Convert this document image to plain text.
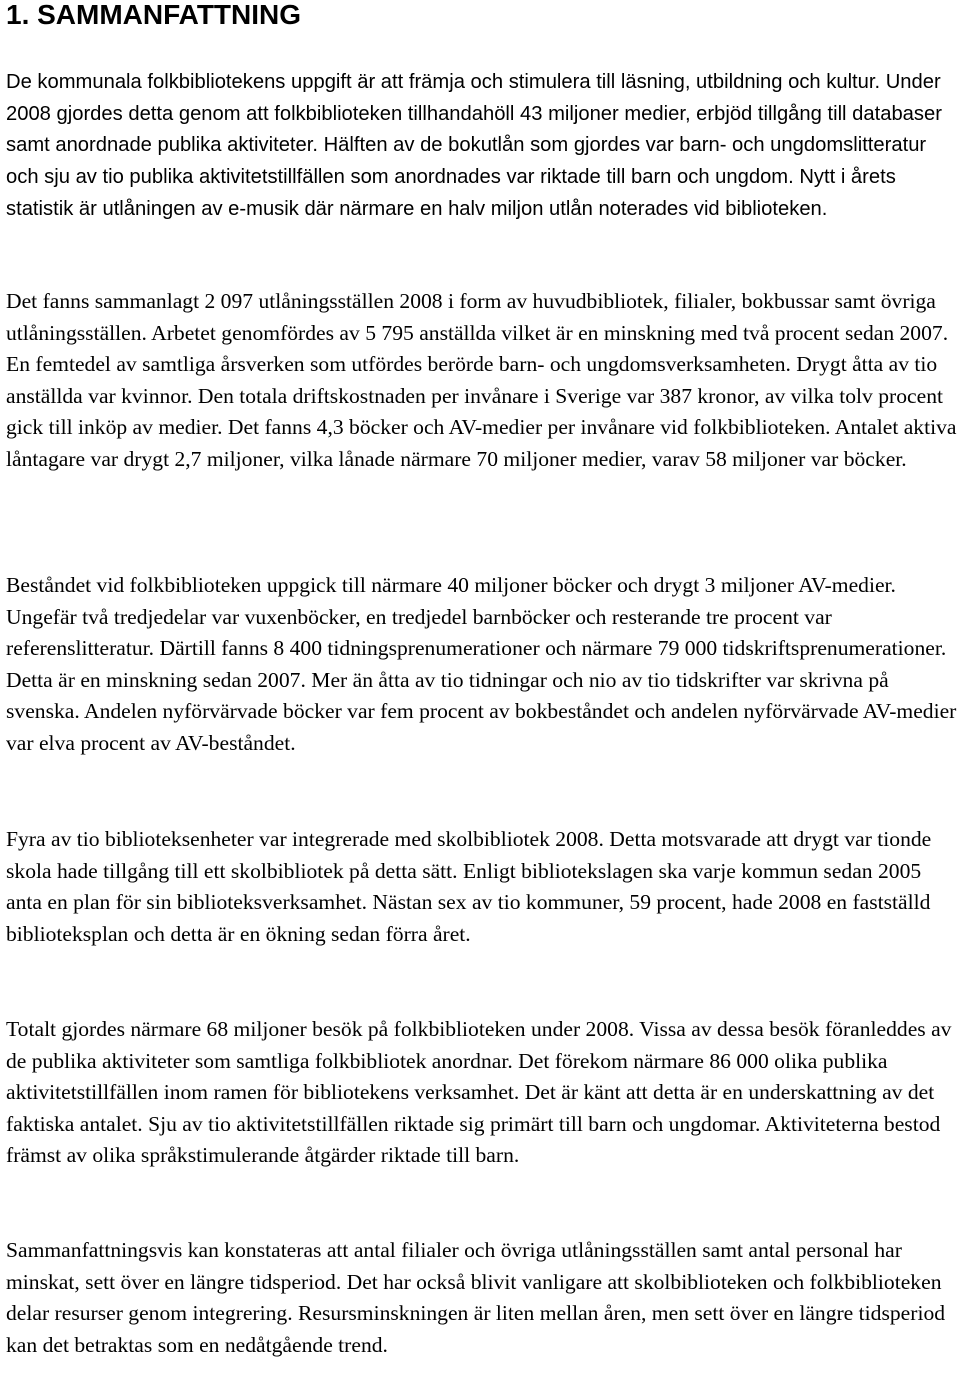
1. SAMMANFATTNING

De kommunala folkbibliotekens uppgift är att främja och stimulera till läsning, utbildning och kultur. Under 2008 gjordes detta genom att folkbiblioteken tillhandahöll 43 miljoner medier, erbjöd tillgång till databaser samt anordnade publika aktiviteter. Hälften av de bokutlån som gjordes var barn- och ungdomslitteratur och sju av tio publika aktivitetstillfällen som anordnades var riktade till barn och ungdom. Nytt i årets statistik är utlåningen av e-musik där närmare en halv miljon utlån noterades vid biblioteken.

Det fanns sammanlagt 2 097 utlåningsställen 2008 i form av huvudbibliotek, filialer, bokbussar samt övriga utlåningsställen. Arbetet genomfördes av 5 795 anställda vilket är en minskning med två procent sedan 2007. En femtedel av samtliga årsverken som utfördes berörde barn- och ungdomsverksamheten. Drygt åtta av tio anställda var kvinnor. Den totala driftskostnaden per invånare i Sverige var 387 kronor, av vilka tolv procent gick till inköp av medier. Det fanns 4,3 böcker och AV-medier per invånare vid folkbiblioteken. Antalet aktiva låntagare var drygt 2,7 miljoner, vilka lånade närmare 70 miljoner medier, varav 58 miljoner var böcker.

Beståndet vid folkbiblioteken uppgick till närmare 40 miljoner böcker och drygt 3 miljoner AV-medier. Ungefär två tredjedelar var vuxenböcker, en tredjedel barnböcker och resterande tre procent var referenslitteratur. Därtill fanns 8 400 tidningsprenumerationer och närmare 79 000 tidskriftsprenumerationer. Detta är en minskning sedan 2007. Mer än åtta av tio tidningar och nio av tio tidskrifter var skrivna på svenska. Andelen nyförvärvade böcker var fem procent av bokbeståndet och andelen nyförvärvade AV-medier var elva procent av AV-beståndet.

Fyra av tio biblioteksenheter var integrerade med skolbibliotek 2008. Detta motsvarade att drygt var tionde skola hade tillgång till ett skolbibliotek på detta sätt. Enligt bibliotekslagen ska varje kommun sedan 2005 anta en plan för sin biblioteksverksamhet. Nästan sex av tio kommuner, 59 procent, hade 2008 en fastställd biblioteksplan och detta är en ökning sedan förra året.

Totalt gjordes närmare 68 miljoner besök på folkbiblioteken under 2008. Vissa av dessa besök föranleddes av de publika aktiviteter som samtliga folkbibliotek anordnar. Det förekom närmare 86 000 olika publika aktivitetstillfällen inom ramen för bibliotekens verksamhet. Det är känt att detta är en underskattning av det faktiska antalet. Sju av tio aktivitetstillfällen riktade sig primärt till barn och ungdomar. Aktiviteterna bestod främst av olika språkstimulerande åtgärder riktade till barn.

Sammanfattningsvis kan konstateras att antal filialer och övriga utlåningsställen samt antal personal har minskat, sett över en längre tidsperiod. Det har också blivit vanligare att skolbiblioteken och folkbiblioteken delar resurser genom integrering. Resursminskningen är liten mellan åren, men sett över en längre tidsperiod kan det betraktas som en nedåtgående trend.
